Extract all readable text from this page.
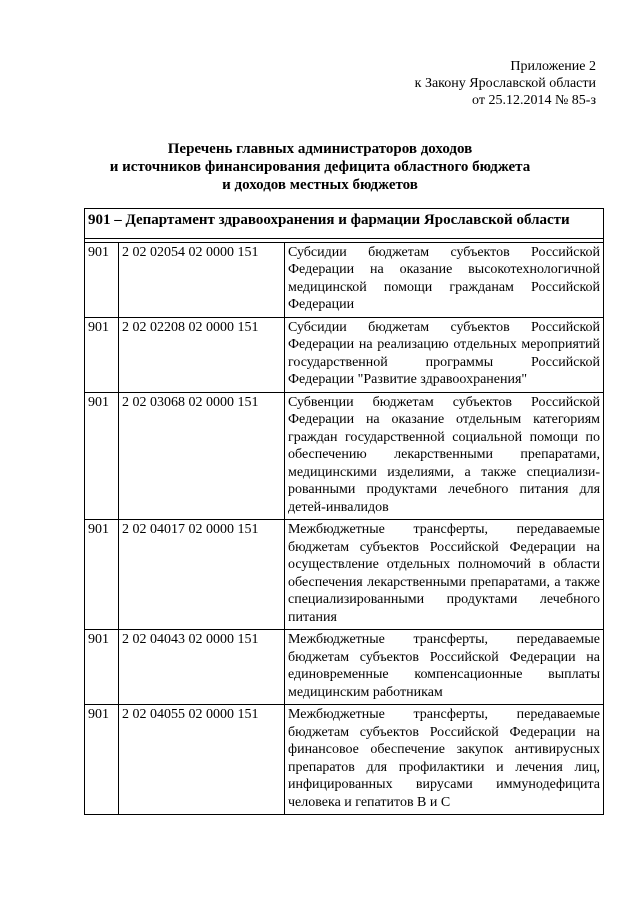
Приложение 2
к Закону Ярославской области
от 25.12.2014 № 85-з
Перечень главных администраторов доходов
и источников финансирования дефицита областного бюджета
и доходов местных бюджетов
901 – Департамент здравоохранения и фармации Ярославской области		

901	2 02 02054 02 0000 151	Субсидии бюджетам субъектов Российской Федерации на оказание высокотехнологичной медицинской помощи гражданам Российской Федерации
901	2 02 02208 02 0000 151	Субсидии бюджетам субъектов Российской Федерации на реализацию отдельных мероприятий государственной программы Российской Федерации "Развитие здравоохранения"
901	2 02 03068 02 0000 151	Субвенции бюджетам субъектов Российской Федерации на оказание отдельным категориям граждан государственной социальной помощи по обеспечению лекарственными препаратами, медицинскими изделиями, а также специализированными продуктами лечебного питания для детей-инвалидов
901	2 02 04017 02 0000 151	Межбюджетные трансферты, передаваемые бюджетам субъектов Российской Федерации на осуществление отдельных полномочий в области обеспечения лекарственными препаратами, а также специализированными продуктами лечебного питания
901	2 02 04043 02 0000 151	Межбюджетные трансферты, передаваемые бюджетам субъектов Российской Федерации на единовременные компенсационные выплаты медицинским работникам
901	2 02 04055 02 0000 151	Межбюджетные трансферты, передаваемые бюджетам субъектов Российской Федерации на финансовое обеспечение закупок антивирусных препаратов для профилактики и лечения лиц, инфицированных вирусами иммунодефицита человека и гепатитов B и C
